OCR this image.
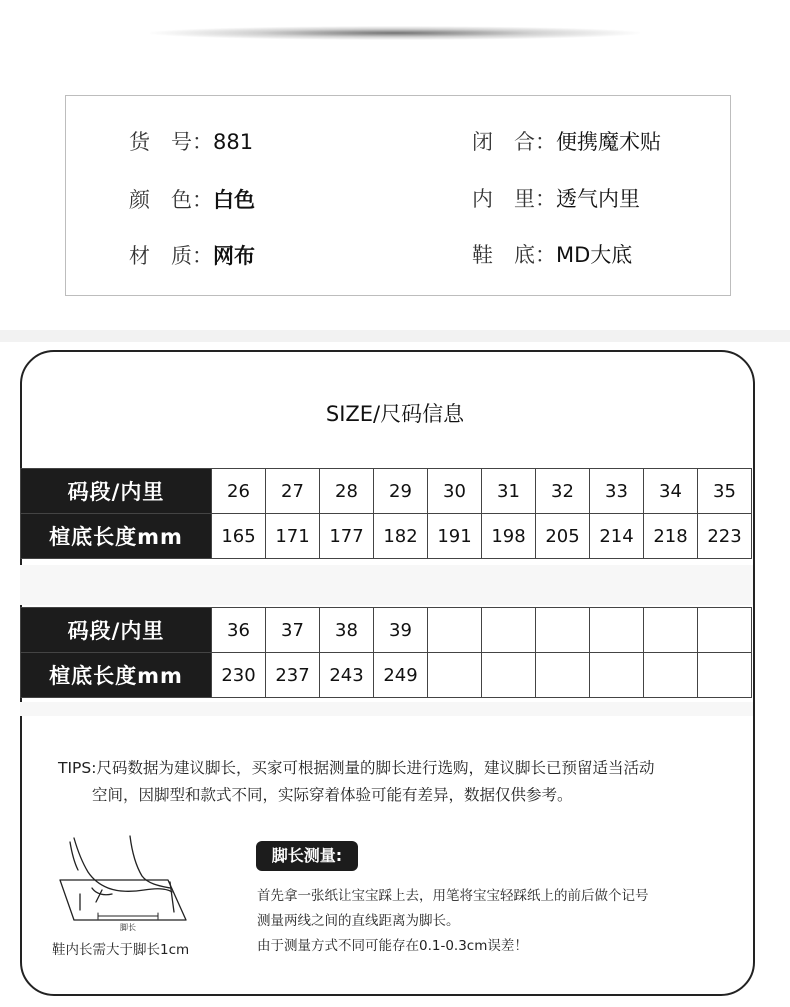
货　号：881
颜　色：白色
材　质：网布
闭　合：便携魔术贴
内　里：透气内里
鞋　底：MD大底
SIZE/尺码信息
码段/内里	26	27	28	29	30	31	32	33	34	35
楦底长度mm	165	171	177	182	191	198	205	214	218	223
码段/内里	36	37	38	39						
楦底长度mm	230	237	243	249						
TIPS:尺码数据为建议脚长，买家可根据测量的脚长进行选购，建议脚长已预留适当活动
空间，因脚型和款式不同，实际穿着体验可能有差异，数据仅供参考。
脚长
鞋内长需大于脚长1cm
脚长测量:
首先拿一张纸让宝宝踩上去，用笔将宝宝轻踩纸上的前后做个记号
测量两线之间的直线距离为脚长。
由于测量方式不同可能存在0.1-0.3cm误差！
